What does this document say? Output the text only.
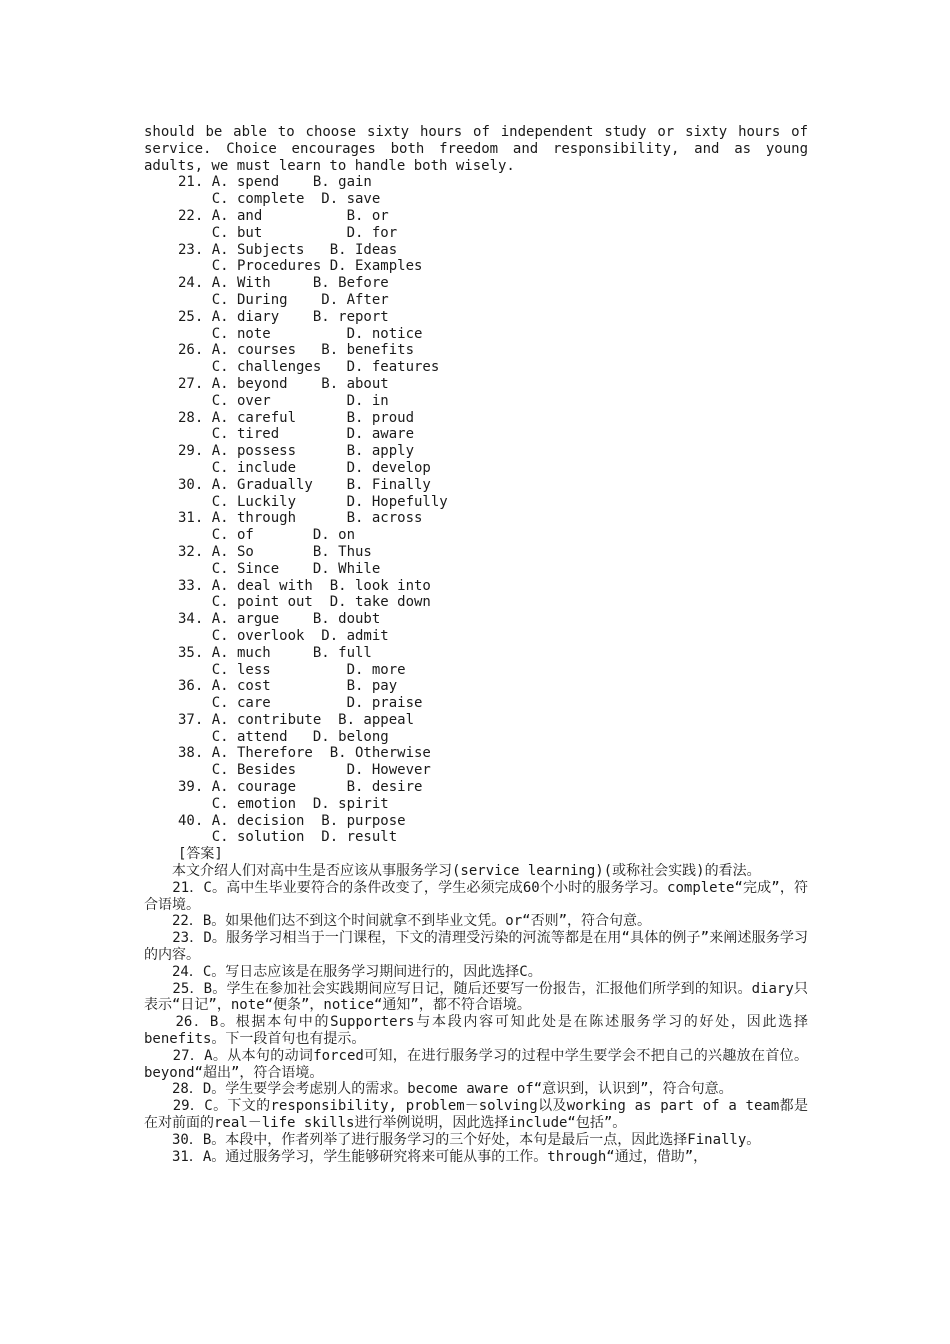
should be able to choose sixty hours of independent study or sixty hours of service. Choice encourages both freedom and responsibility, and as young adults, we must learn to handle both wisely.
21. A. spend    B. gain
C. complete  D. save
22. A. and          B. or
C. but          D. for
23. A. Subjects   B. Ideas
C. Procedures D. Examples
24. A. With     B. Before
C. During    D. After
25. A. diary    B. report
C. note         D. notice
26. A. courses   B. benefits
C. challenges   D. features
27. A. beyond    B. about
C. over         D. in
28. A. careful      B. proud
C. tired        D. aware
29. A. possess      B. apply
C. include      D. develop
30. A. Gradually    B. Finally
C. Luckily      D. Hopefully
31. A. through      B. across
C. of       D. on
32. A. So       B. Thus
C. Since    D. While
33. A. deal with  B. look into
C. point out  D. take down
34. A. argue    B. doubt
C. overlook  D. admit
35. A. much     B. full
C. less         D. more
36. A. cost         B. pay
C. care         D. praise
37. A. contribute  B. appeal
C. attend   D. belong
38. A. Therefore  B. Otherwise
C. Besides      D. However
39. A. courage      B. desire
C. emotion  D. spirit
40. A. decision  B. purpose
C. solution  D. result
[答案]
　　本文介绍人们对高中生是否应该从事服务学习(service learning)(或称社会实践)的看法。
　　21．C。高中生毕业要符合的条件改变了，学生必须完成60个小时的服务学习。complete“完成”，符合语境。
　　22．B。如果他们达不到这个时间就拿不到毕业文凭。or“否则”，符合句意。
　　23．D。服务学习相当于一门课程，下文的清理受污染的河流等都是在用“具体的例子”来阐述服务学习的内容。
　　24．C。写日志应该是在服务学习期间进行的，因此选择C。
　　25．B。学生在参加社会实践期间应写日记，随后还要写一份报告，汇报他们所学到的知识。diary只表示“日记”，note“便条”，notice“通知”，都不符合语境。
　　26．B。根据本句中的Supporters与本段内容可知此处是在陈述服务学习的好处，因此选择benefits。下一段首句也有提示。
　　27．A。从本句的动词forced可知，在进行服务学习的过程中学生要学会不把自己的兴趣放在首位。beyond“超出”，符合语境。
　　28．D。学生要学会考虑别人的需求。become aware of“意识到，认识到”，符合句意。
　　29．C。下文的responsibility, problem－solving以及working as part of a team都是在对前面的real－life skills进行举例说明，因此选择include“包括”。
　　30．B。本段中，作者列举了进行服务学习的三个好处，本句是最后一点，因此选择Finally。
　　31．A。通过服务学习，学生能够研究将来可能从事的工作。through“通过，借助”，
